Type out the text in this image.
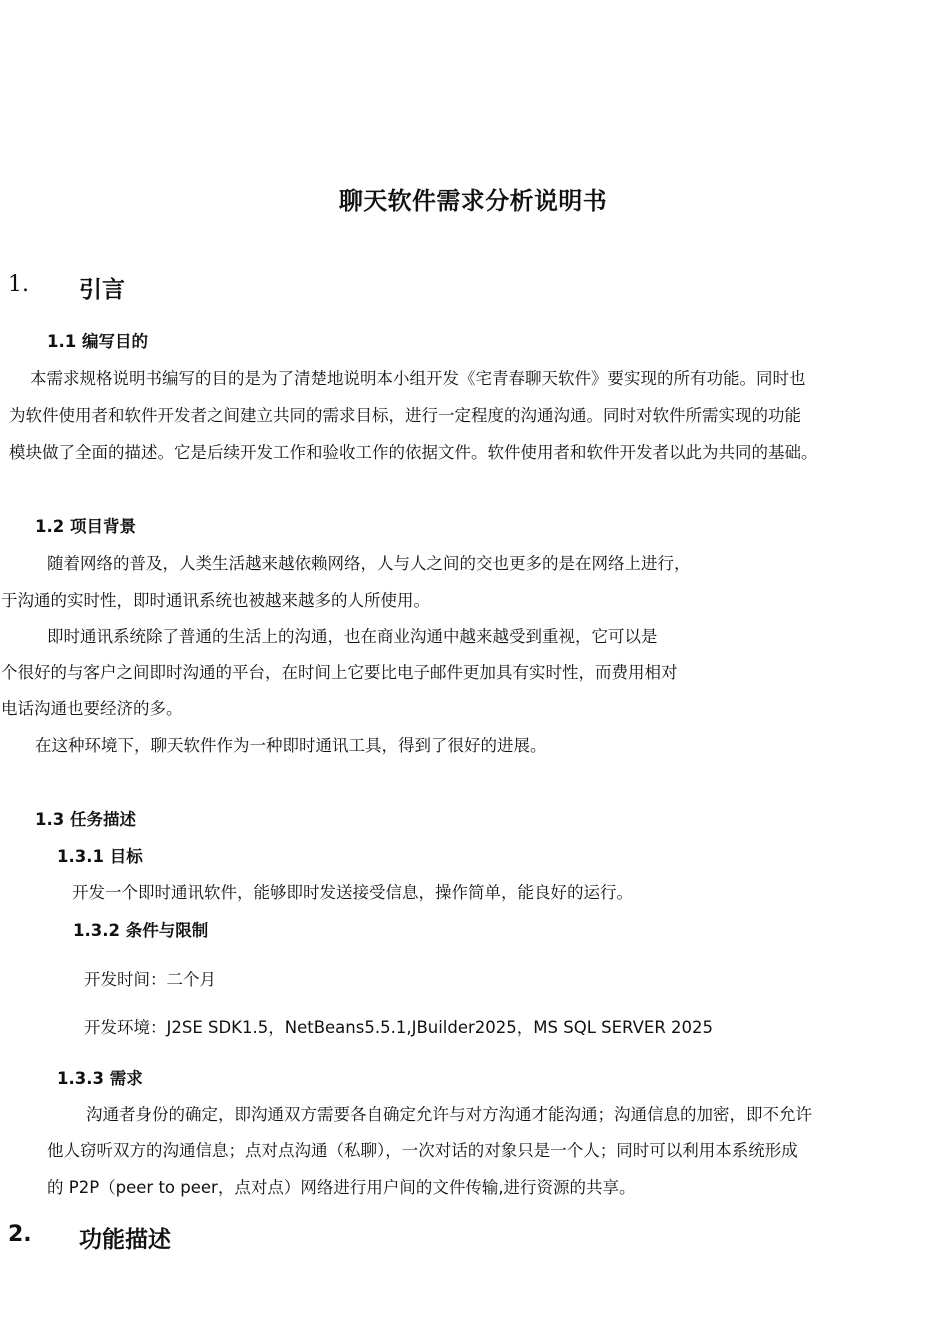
聊天软件需求分析说明书
1. 引言
1.1 编写目的

本需求规格说明书编写的目的是为了清楚地说明本小组开发《宅青春聊天软件》要实现的所有功能。同时也

为软件使用者和软件开发者之间建立共同的需求目标，进行一定程度的沟通沟通。同时对软件所需实现的功能

模块做了全面的描述。它是后续开发工作和验收工作的依据文件。软件使用者和软件开发者以此为共同的基础。

1.2 项目背景

随着网络的普及，人类生活越来越依赖网络，人与人之间的交也更多的是在网络上进行，

于沟通的实时性，即时通讯系统也被越来越多的人所使用。

即时通讯系统除了普通的生活上的沟通，也在商业沟通中越来越受到重视，它可以是

个很好的与客户之间即时沟通的平台，在时间上它要比电子邮件更加具有实时性，而费用相对

电话沟通也要经济的多。

在这种环境下，聊天软件作为一种即时通讯工具，得到了很好的进展。

1.3 任务描述
1.3.1 目标

开发一个即时通讯软件，能够即时发送接受信息，操作简单，能良好的运行。

1.3.2 条件与限制

开发时间：二个月

开发环境：J2SE SDK1.5，NetBeans5.5.1,JBuilder2025，MS SQL SERVER 2025

1.3.3 需求

沟通者身份的确定，即沟通双方需要各自确定允许与对方沟通才能沟通；沟通信息的加密，即不允许

他人窃听双方的沟通信息；点对点沟通（私聊），一次对话的对象只是一个人；同时可以利用本系统形成

的 P2P（peer to peer，点对点）网络进行用户间的文件传输,进行资源的共享。

2. 功能描述
